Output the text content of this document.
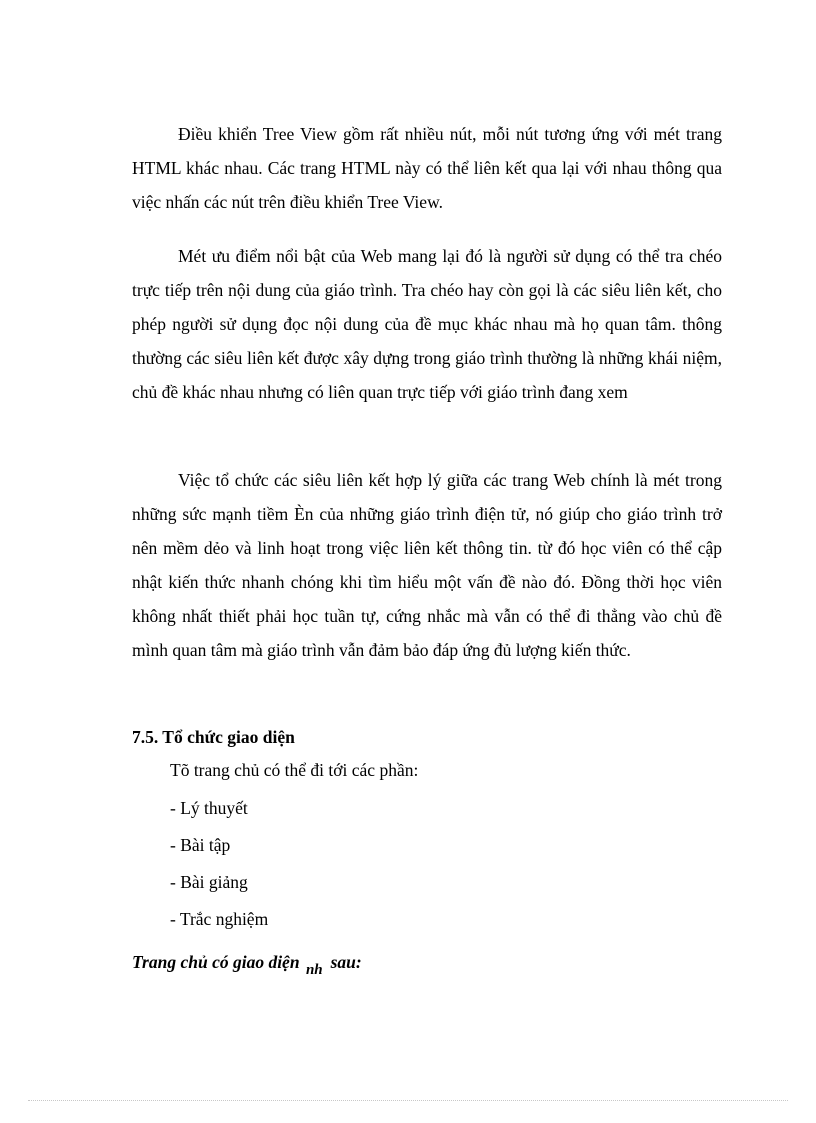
Điều khiển Tree View gồm rất nhiều nút, mỗi nút tương ứng với mét trang HTML khác nhau. Các trang HTML này có thể liên kết qua lại với nhau thông qua việc nhấn các nút trên điều khiển Tree View.

Mét ưu điểm nổi bật của Web mang lại đó là người sử dụng có thể tra chéo trực tiếp trên nội dung của giáo trình. Tra chéo hay còn gọi là các siêu liên kết, cho phép người sử dụng đọc nội dung của đề mục khác nhau mà họ quan tâm. thông thường các siêu liên kết được xây dựng trong giáo trình thường là những khái niệm, chủ đề khác nhau nhưng có liên quan trực tiếp với giáo trình đang xem

Việc tổ chức các siêu liên kết hợp lý giữa các trang Web chính là mét trong những sức mạnh tiềm Èn của những giáo trình điện tử, nó giúp cho giáo trình trở nên mềm dẻo và linh hoạt trong việc liên kết thông tin. từ đó học viên có thể cập nhật kiến thức nhanh chóng khi tìm hiểu một vấn đề nào đó. Đồng thời học viên không nhất thiết phải học tuần tự, cứng nhắc mà vẫn có thể đi thẳng vào chủ đề mình quan tâm mà giáo trình vẫn đảm bảo đáp ứng đủ lượng kiến thức.

7.5. Tổ chức giao diện

Tõ trang chủ có thể đi tới các phần:

- Lý thuyết
- Bài tập
- Bài giảng
- Trắc nghiệm

Trang chủ có giao diện nh sau:
